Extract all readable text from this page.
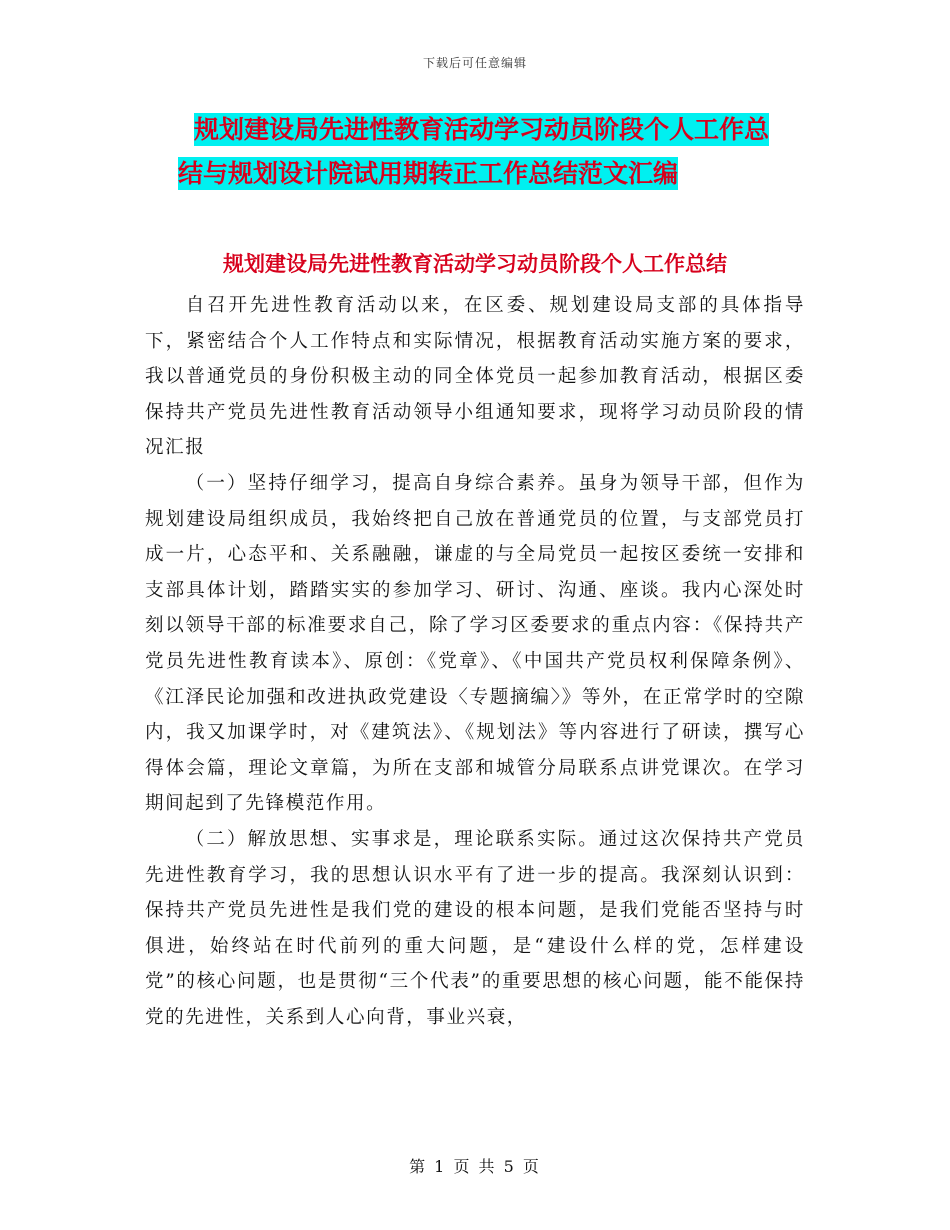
下载后可任意编辑
规划建设局先进性教育活动学习动员阶段个人工作总
结与规划设计院试用期转正工作总结范文汇编
规划建设局先进性教育活动学习动员阶段个人工作总结

自召开先进性教育活动以来，在区委、规划建设局支部的具体指导下，紧密结合个人工作特点和实际情况，根据教育活动实施方案的要求，我以普通党员的身份积极主动的同全体党员一起参加教育活动，根据区委保持共产党员先进性教育活动领导小组通知要求，现将学习动员阶段的情况汇报

（一）坚持仔细学习，提高自身综合素养。虽身为领导干部，但作为规划建设局组织成员，我始终把自己放在普通党员的位置，与支部党员打成一片，心态平和、关系融融，谦虚的与全局党员一起按区委统一安排和支部具体计划，踏踏实实的参加学习、研讨、沟通、座谈。我内心深处时刻以领导干部的标准要求自己，除了学习区委要求的重点内容：《保持共产党员先进性教育读本》、原创：《党章》、《中国共产党员权利保障条例》、《江泽民论加强和改进执政党建设〈专题摘编〉》等外，在正常学时的空隙内，我又加课学时，对《建筑法》、《规划法》等内容进行了研读，撰写心得体会篇，理论文章篇，为所在支部和城管分局联系点讲党课次。在学习期间起到了先锋模范作用。

（二）解放思想、实事求是，理论联系实际。通过这次保持共产党员先进性教育学习，我的思想认识水平有了进一步的提高。我深刻认识到：保持共产党员先进性是我们党的建设的根本问题，是我们党能否坚持与时俱进，始终站在时代前列的重大问题，是“建设什么样的党，怎样建设党”的核心问题，也是贯彻“三个代表”的重要思想的核心问题，能不能保持党的先进性，关系到人心向背，事业兴衰，

第 1 页 共 5 页
